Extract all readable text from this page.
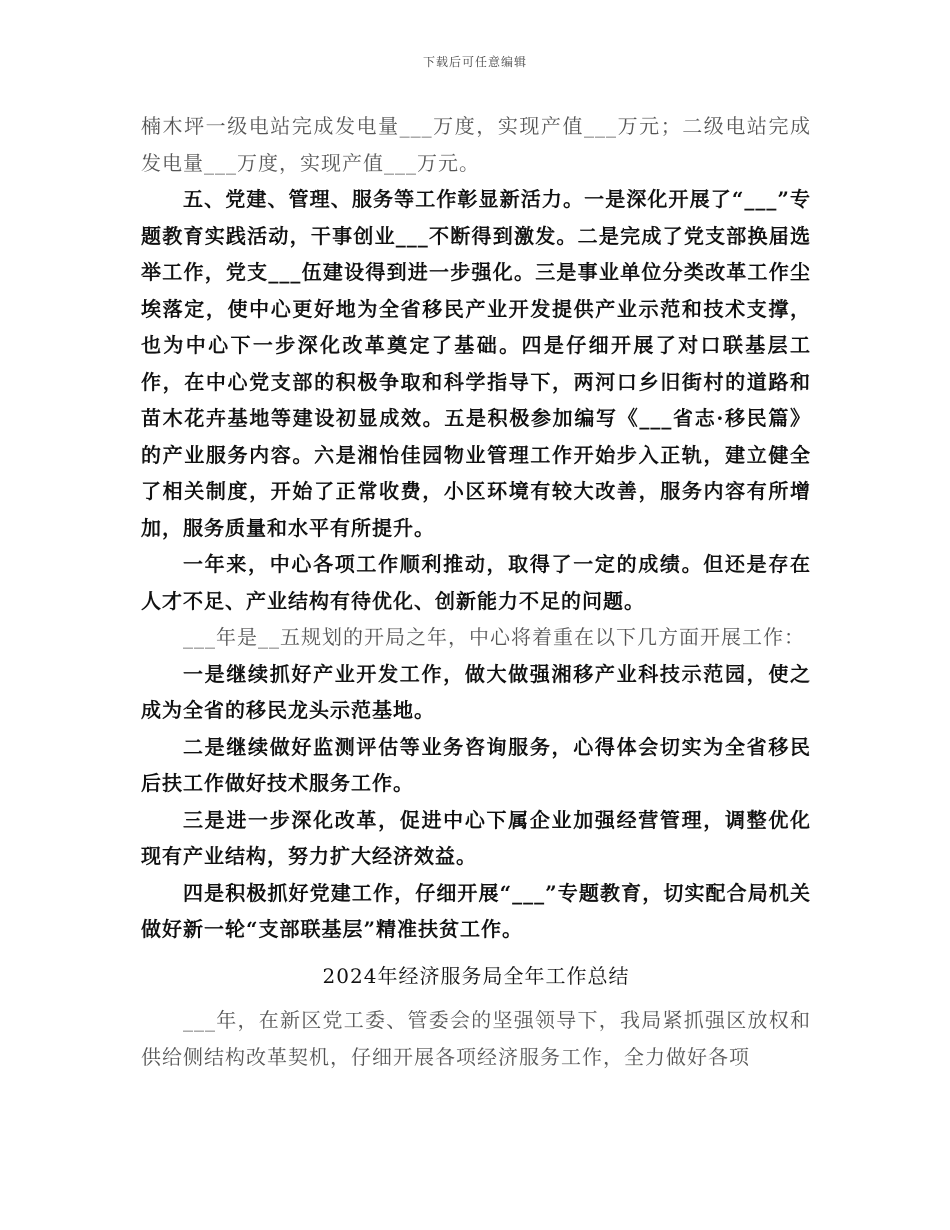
下载后可任意编辑

楠木坪一级电站完成发电量___万度，实现产值___万元；二级电站完成发电量___万度，实现产值___万元。

五、党建、管理、服务等工作彰显新活力。一是深化开展了“___”专题教育实践活动，干事创业___不断得到激发。二是完成了党支部换届选举工作，党支___伍建设得到进一步强化。三是事业单位分类改革工作尘埃落定，使中心更好地为全省移民产业开发提供产业示范和技术支撑，也为中心下一步深化改革奠定了基础。四是仔细开展了对口联基层工作，在中心党支部的积极争取和科学指导下，两河口乡旧街村的道路和苗木花卉基地等建设初显成效。五是积极参加编写《___省志·移民篇》的产业服务内容。六是湘怡佳园物业管理工作开始步入正轨，建立健全了相关制度，开始了正常收费，小区环境有较大改善，服务内容有所增加，服务质量和水平有所提升。

一年来，中心各项工作顺利推动，取得了一定的成绩。但还是存在人才不足、产业结构有待优化、创新能力不足的问题。

___年是__五规划的开局之年，中心将着重在以下几方面开展工作：

一是继续抓好产业开发工作，做大做强湘移产业科技示范园，使之成为全省的移民龙头示范基地。

二是继续做好监测评估等业务咨询服务，心得体会切实为全省移民后扶工作做好技术服务工作。

三是进一步深化改革，促进中心下属企业加强经营管理，调整优化现有产业结构，努力扩大经济效益。

四是积极抓好党建工作，仔细开展“___”专题教育，切实配合局机关做好新一轮“支部联基层”精准扶贫工作。

2024年经济服务局全年工作总结

___年，在新区党工委、管委会的坚强领导下，我局紧抓强区放权和供给侧结构改革契机，仔细开展各项经济服务工作，全力做好各项
